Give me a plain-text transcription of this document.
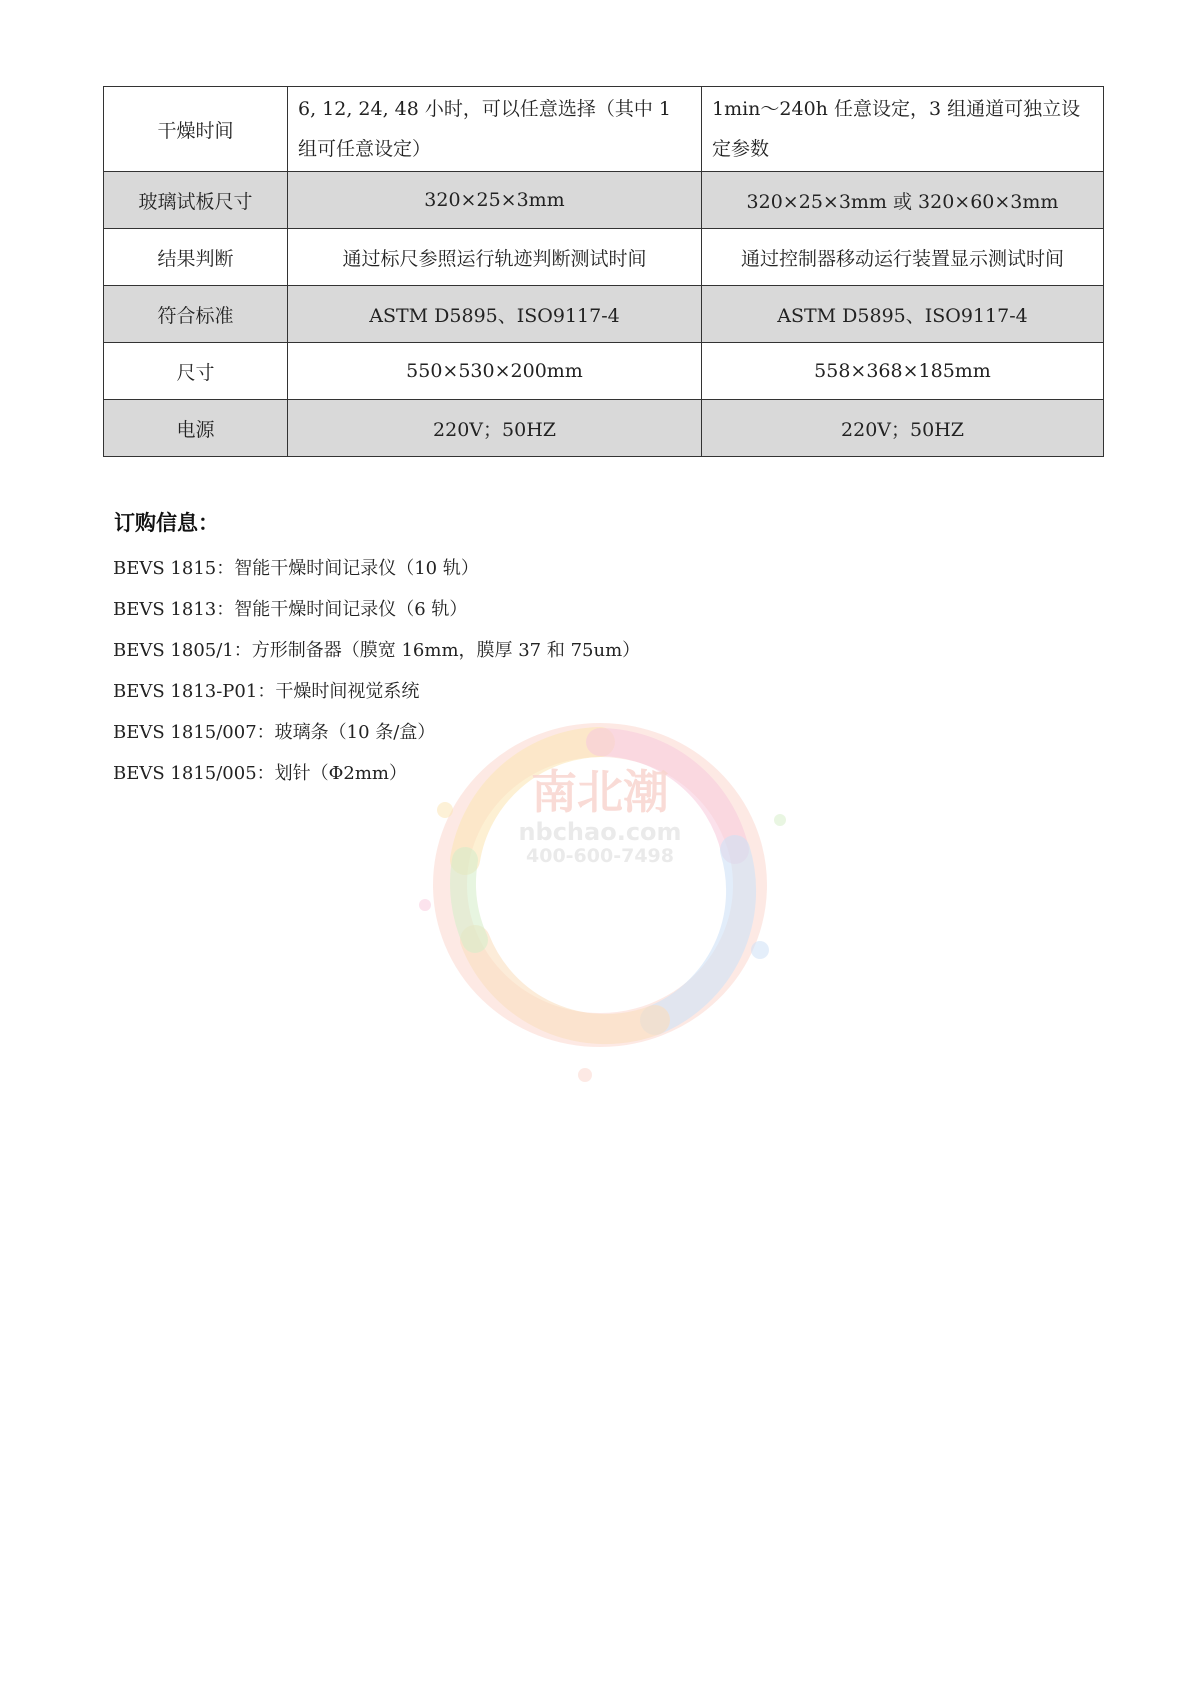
干燥时间	6, 12, 24, 48 小时，可以任意选择（其中 1 组可任意设定）	1min～240h 任意设定，3 组通道可独立设定参数
玻璃试板尺寸	320×25×3mm	320×25×3mm 或 320×60×3mm
结果判断	通过标尺参照运行轨迹判断测试时间	通过控制器移动运行装置显示测试时间
符合标准	ASTM D5895、ISO9117-4	ASTM D5895、ISO9117-4
尺寸	550×530×200mm	558×368×185mm
电源	220V；50HZ	220V；50HZ
南北潮
nbchao.com
400-600-7498
订购信息：
BEVS 1815：智能干燥时间记录仪（10 轨）
BEVS 1813：智能干燥时间记录仪（6 轨）
BEVS 1805/1：方形制备器（膜宽 16mm，膜厚 37 和 75um）
BEVS 1813-P01：干燥时间视觉系统
BEVS 1815/007：玻璃条（10 条/盒）
BEVS 1815/005：划针（Φ2mm）
